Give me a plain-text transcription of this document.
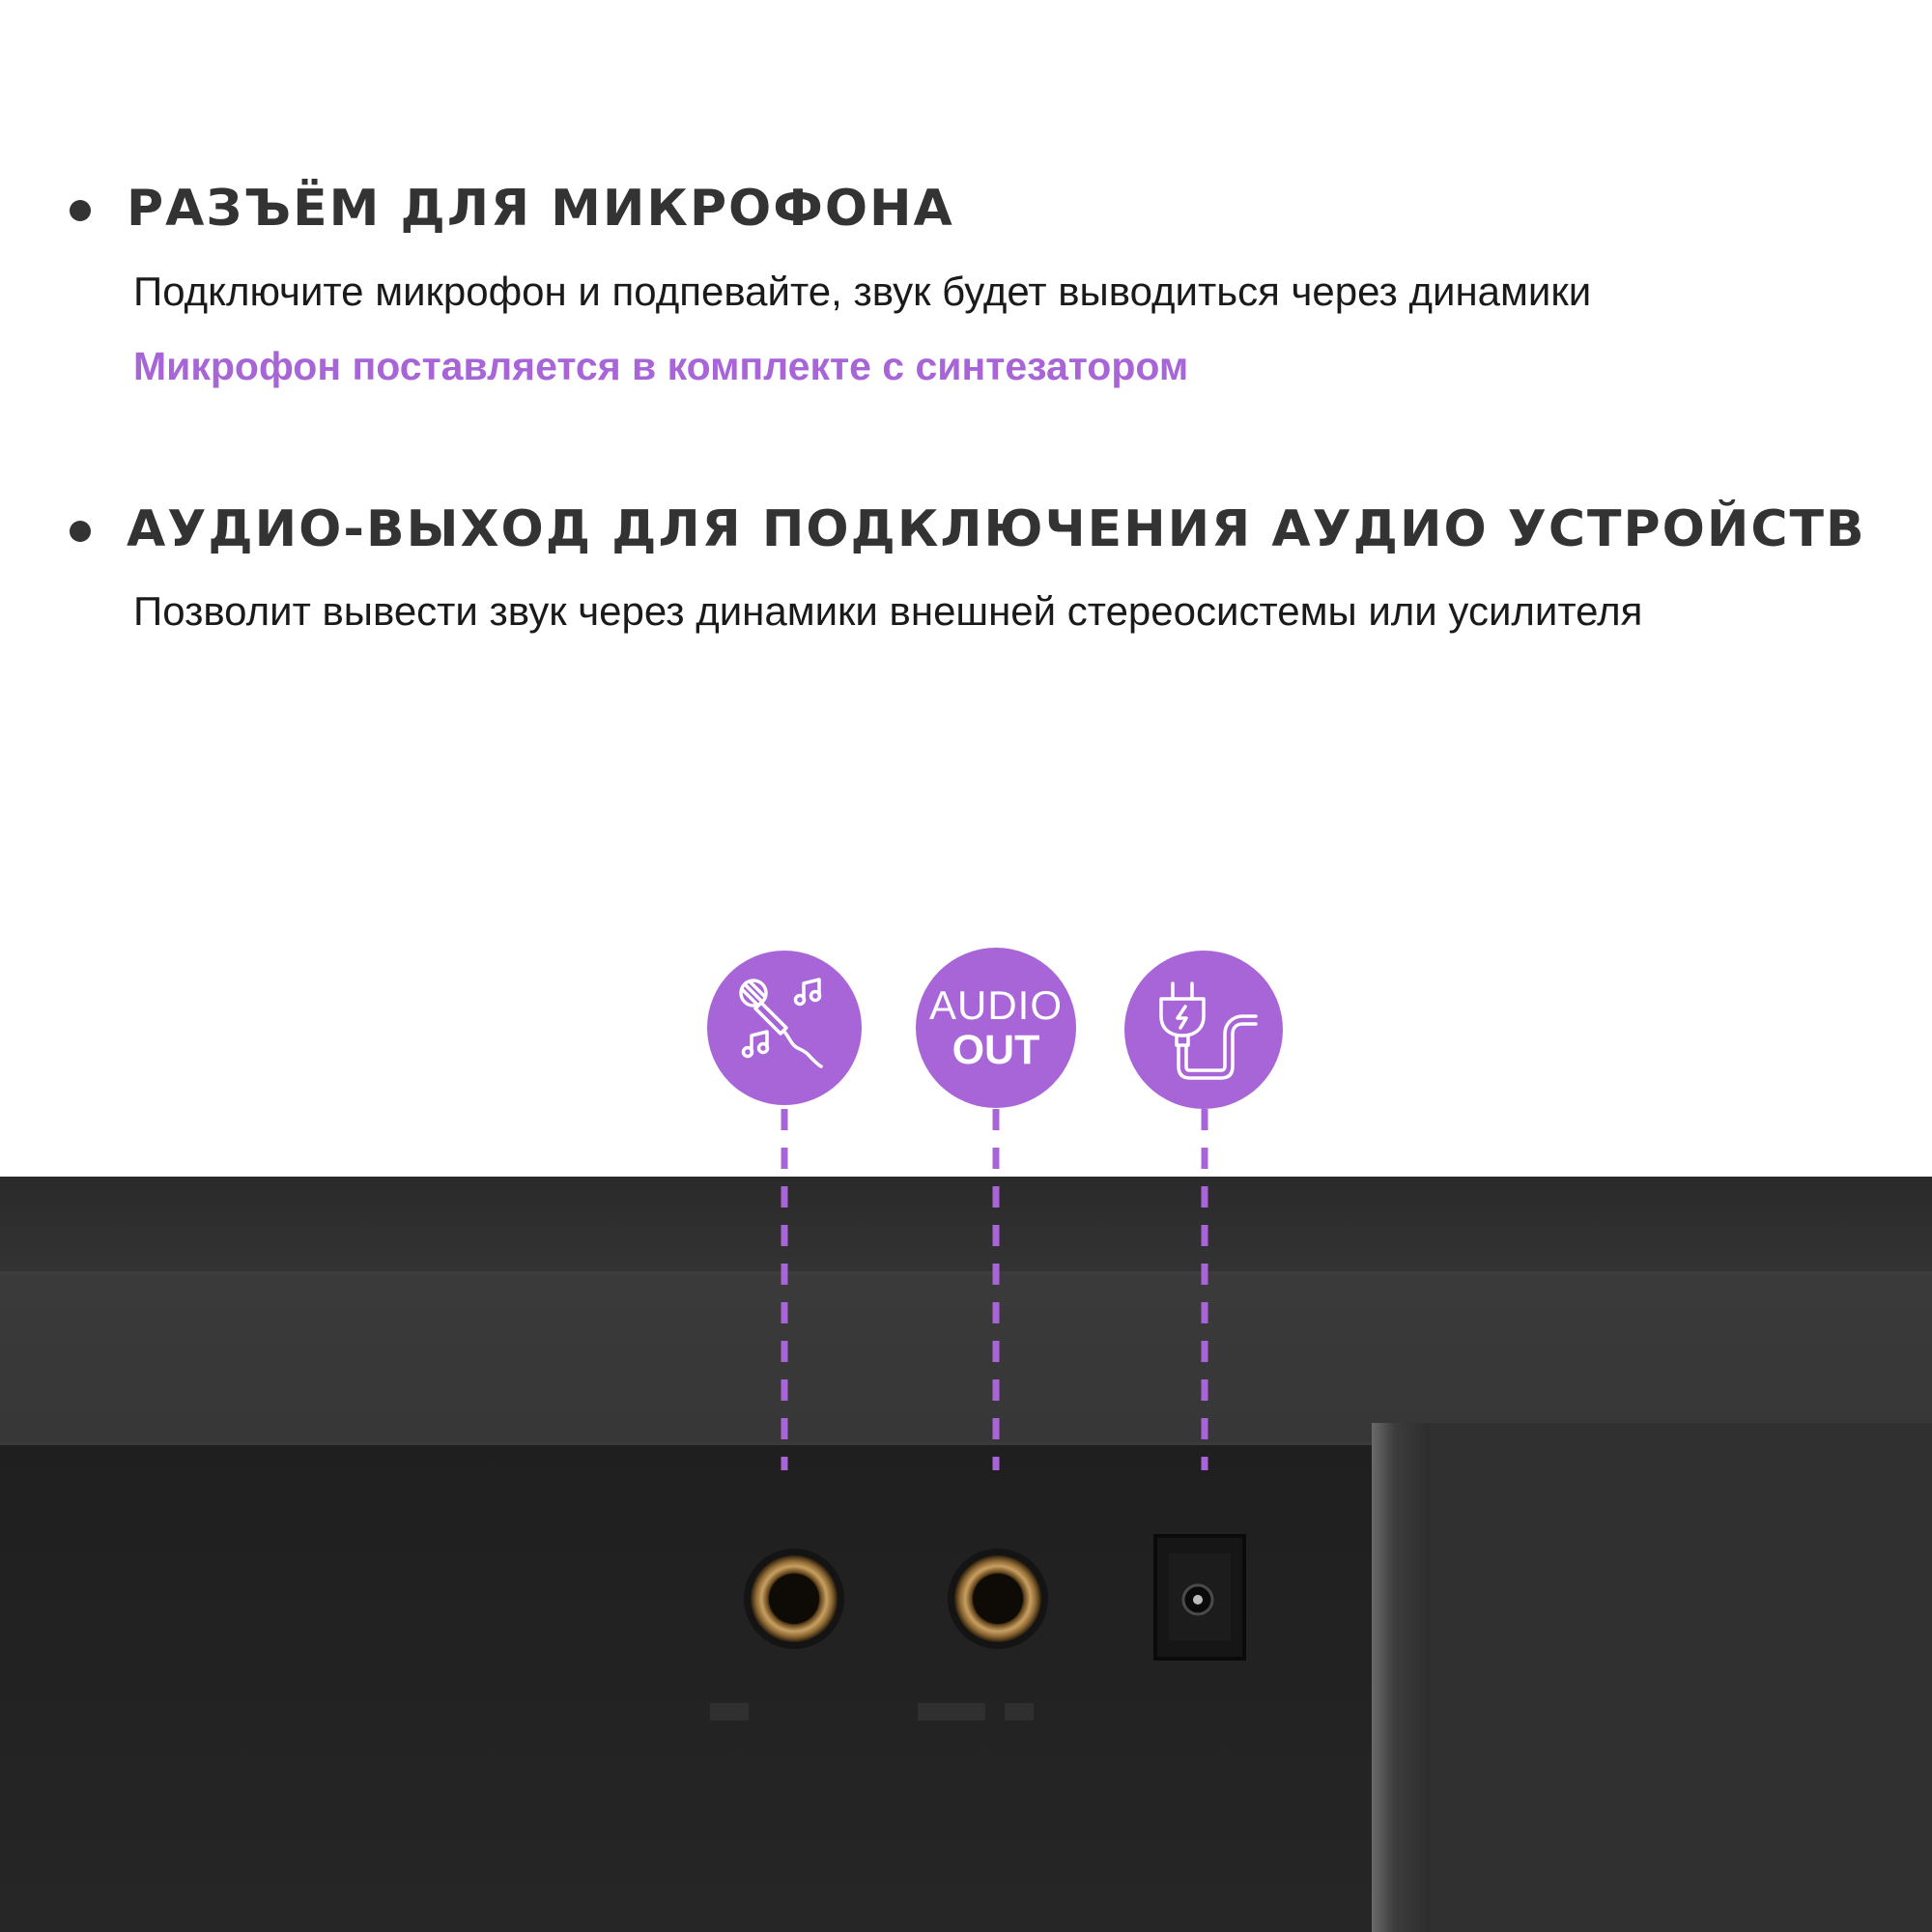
РАЗЪЁМ ДЛЯ МИКРОФОНА

Подключите микрофон и подпевайте, звук будет выводиться через динамики

Микрофон поставляется в комплекте с синтезатором

АУДИО-ВЫХОД ДЛЯ ПОДКЛЮЧЕНИЯ АУДИО УСТРОЙСТВ

Позволит вывести звук через динамики внешней стереосистемы или усилителя

AUDIO
OUT
